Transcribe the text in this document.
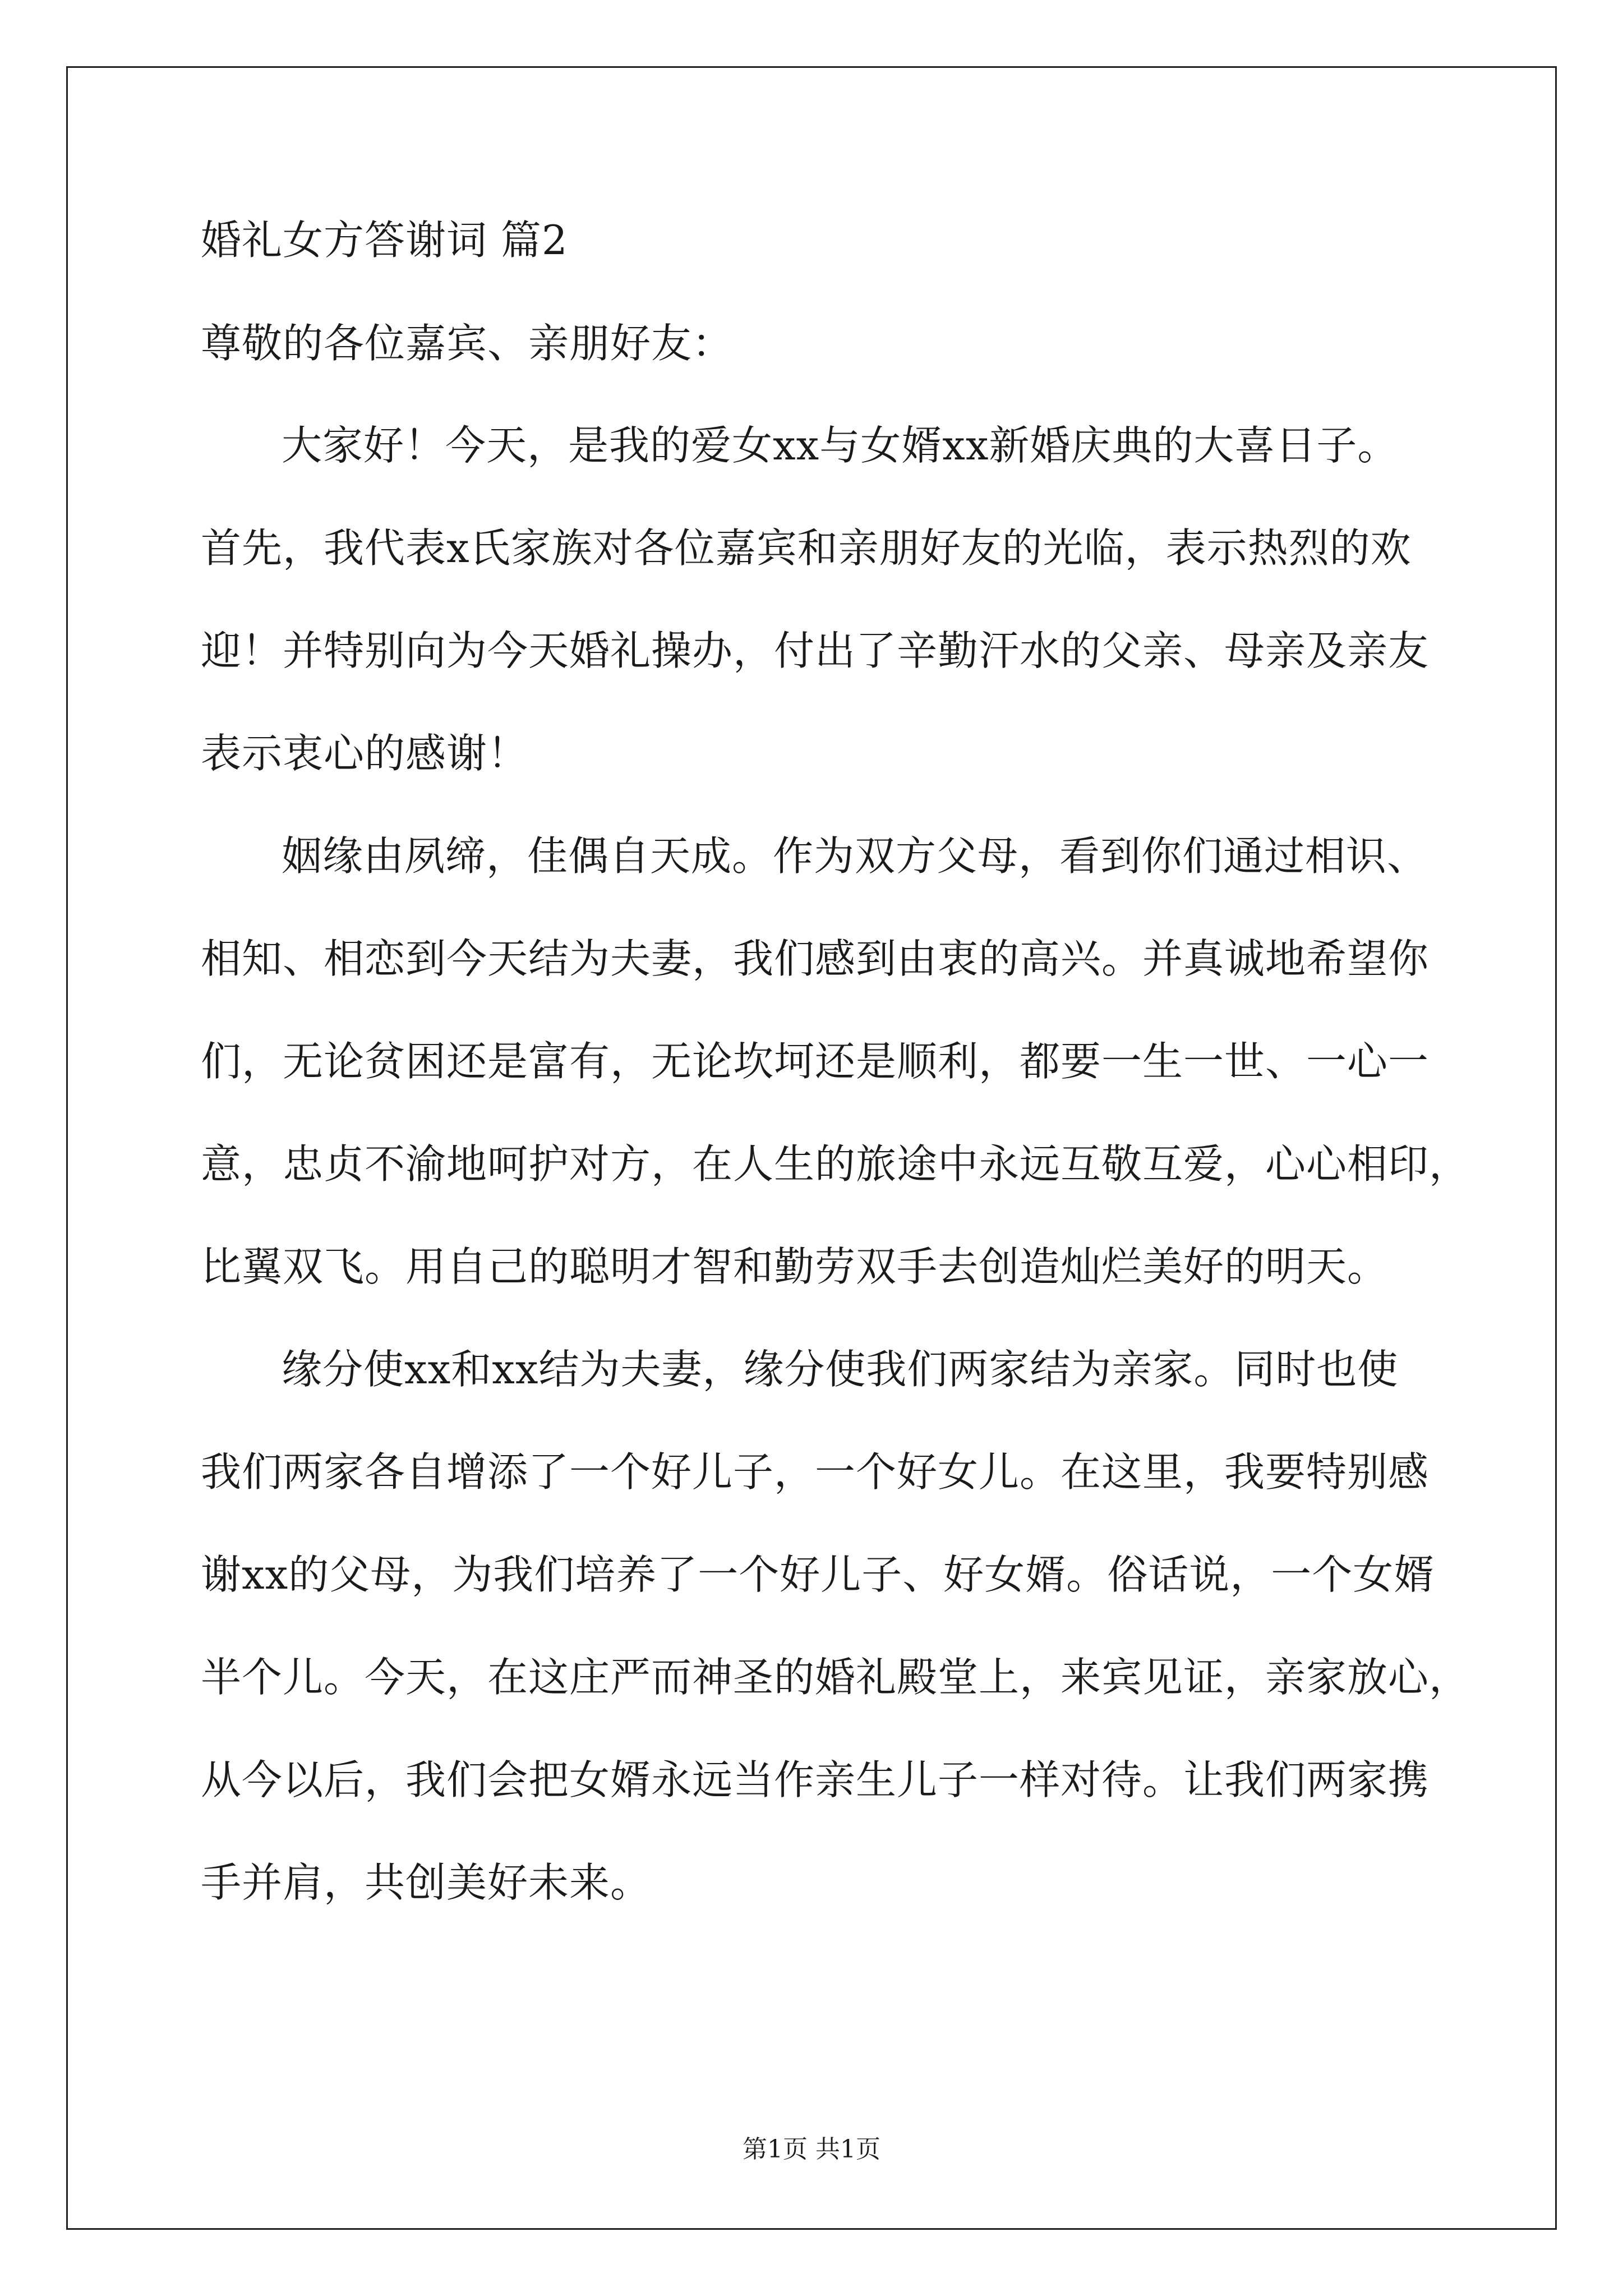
婚礼女方答谢词 篇2
尊敬的各位嘉宾、亲朋好友：
大家好！今天，是我的爱女xx与女婿xx新婚庆典的大喜日子。
首先，我代表x氏家族对各位嘉宾和亲朋好友的光临，表示热烈的欢
迎！并特别向为今天婚礼操办，付出了辛勤汗水的父亲、母亲及亲友
表示衷心的感谢！
姻缘由夙缔，佳偶自天成。作为双方父母，看到你们通过相识、
相知、相恋到今天结为夫妻，我们感到由衷的高兴。并真诚地希望你
们，无论贫困还是富有，无论坎坷还是顺利，都要一生一世、一心一
意，忠贞不渝地呵护对方，在人生的旅途中永远互敬互爱，心心相印，
比翼双飞。用自己的聪明才智和勤劳双手去创造灿烂美好的明天。
缘分使xx和xx结为夫妻，缘分使我们两家结为亲家。同时也使
我们两家各自增添了一个好儿子，一个好女儿。在这里，我要特别感
谢xx的父母，为我们培养了一个好儿子、好女婿。俗话说，一个女婿
半个儿。今天，在这庄严而神圣的婚礼殿堂上，来宾见证，亲家放心，
从今以后，我们会把女婿永远当作亲生儿子一样对待。让我们两家携
手并肩，共创美好未来。
第1页 共1页
